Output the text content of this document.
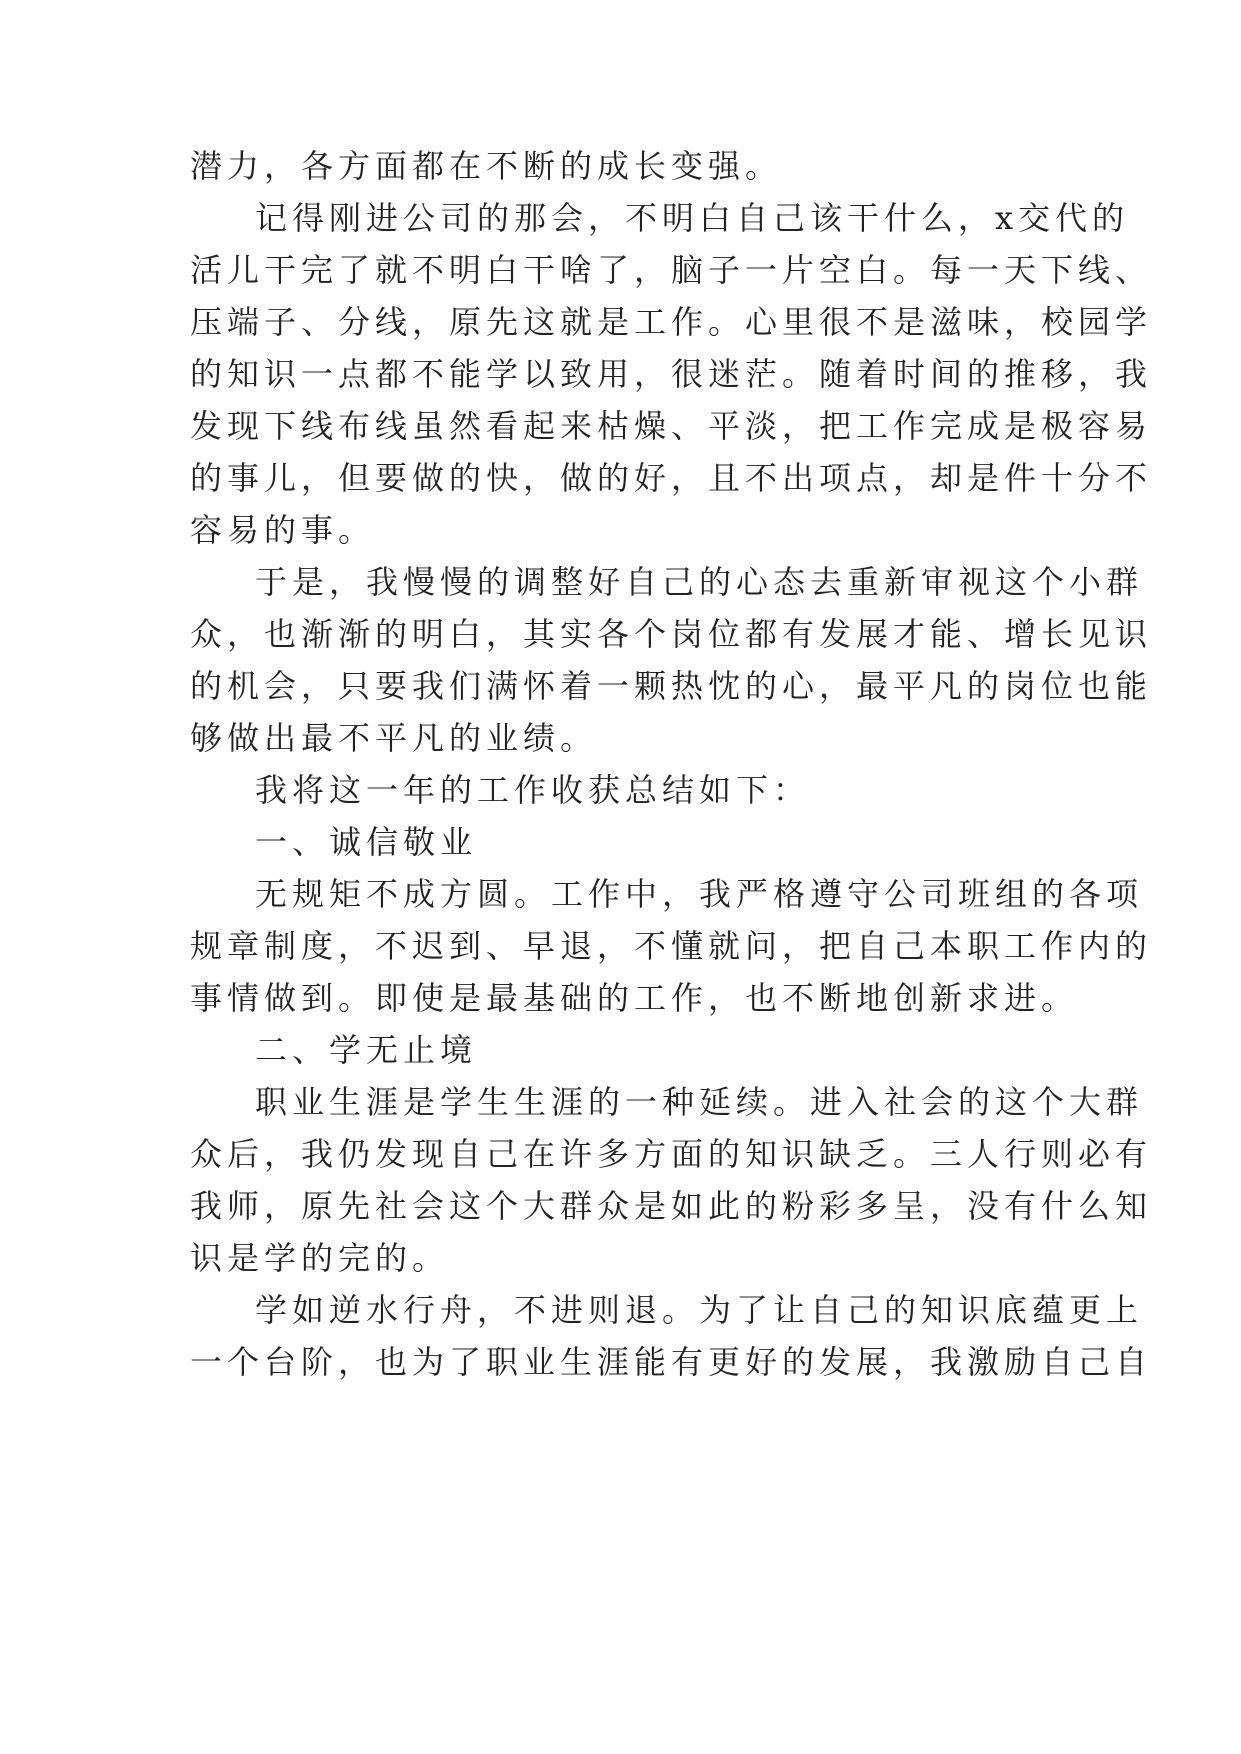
潜力，各方面都在不断的成长变强。

记得刚进公司的那会，不明白自己该干什么，x交代的

活儿干完了就不明白干啥了，脑子一片空白。每一天下线、

压端子、分线，原先这就是工作。心里很不是滋味，校园学

的知识一点都不能学以致用，很迷茫。随着时间的推移，我

发现下线布线虽然看起来枯燥、平淡，把工作完成是极容易

的事儿，但要做的快，做的好，且不出项点，却是件十分不

容易的事。

于是，我慢慢的调整好自己的心态去重新审视这个小群

众，也渐渐的明白，其实各个岗位都有发展才能、增长见识

的机会，只要我们满怀着一颗热忱的心，最平凡的岗位也能

够做出最不平凡的业绩。

我将这一年的工作收获总结如下：

一、诚信敬业

无规矩不成方圆。工作中，我严格遵守公司班组的各项

规章制度，不迟到、早退，不懂就问，把自己本职工作内的

事情做到。即使是最基础的工作，也不断地创新求进。

二、学无止境

职业生涯是学生生涯的一种延续。进入社会的这个大群

众后，我仍发现自己在许多方面的知识缺乏。三人行则必有

我师，原先社会这个大群众是如此的粉彩多呈，没有什么知

识是学的完的。

学如逆水行舟，不进则退。为了让自己的知识底蕴更上

一个台阶，也为了职业生涯能有更好的发展，我激励自己自
